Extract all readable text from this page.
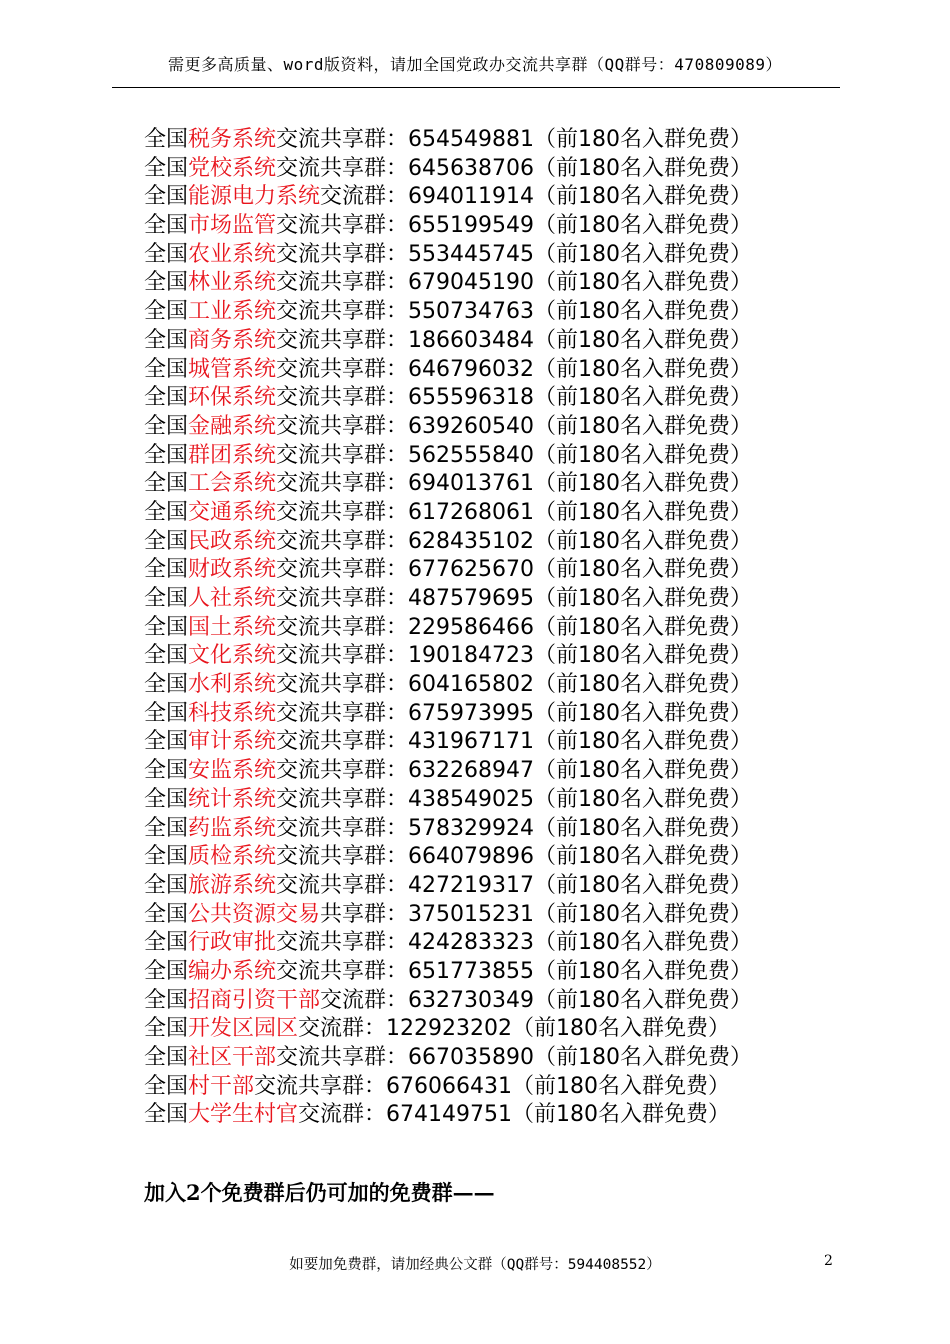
需更多高质量、word版资料，请加全国党政办交流共享群（QQ群号：470809089）
全国税务系统交流共享群：654549881（前180名入群免费）
全国党校系统交流共享群：645638706（前180名入群免费）
全国能源电力系统交流群：694011914（前180名入群免费）
全国市场监管交流共享群：655199549（前180名入群免费）
全国农业系统交流共享群：553445745（前180名入群免费）
全国林业系统交流共享群：679045190（前180名入群免费）
全国工业系统交流共享群：550734763（前180名入群免费）
全国商务系统交流共享群：186603484（前180名入群免费）
全国城管系统交流共享群：646796032（前180名入群免费）
全国环保系统交流共享群：655596318（前180名入群免费）
全国金融系统交流共享群：639260540（前180名入群免费）
全国群团系统交流共享群：562555840（前180名入群免费）
全国工会系统交流共享群：694013761（前180名入群免费）
全国交通系统交流共享群：617268061（前180名入群免费）
全国民政系统交流共享群：628435102（前180名入群免费）
全国财政系统交流共享群：677625670（前180名入群免费）
全国人社系统交流共享群：487579695（前180名入群免费）
全国国土系统交流共享群：229586466（前180名入群免费）
全国文化系统交流共享群：190184723（前180名入群免费）
全国水利系统交流共享群：604165802（前180名入群免费）
全国科技系统交流共享群：675973995（前180名入群免费）
全国审计系统交流共享群：431967171（前180名入群免费）
全国安监系统交流共享群：632268947（前180名入群免费）
全国统计系统交流共享群：438549025（前180名入群免费）
全国药监系统交流共享群：578329924（前180名入群免费）
全国质检系统交流共享群：664079896（前180名入群免费）
全国旅游系统交流共享群：427219317（前180名入群免费）
全国公共资源交易共享群：375015231（前180名入群免费）
全国行政审批交流共享群：424283323（前180名入群免费）
全国编办系统交流共享群：651773855（前180名入群免费）
全国招商引资干部交流群：632730349（前180名入群免费）
全国开发区园区交流群：122923202（前180名入群免费）
全国社区干部交流共享群：667035890（前180名入群免费）
全国村干部交流共享群：676066431（前180名入群免费）
全国大学生村官交流群：674149751（前180名入群免费）
加入2个免费群后仍可加的免费群——
如要加免费群，请加经典公文群（QQ群号：594408552）	2
